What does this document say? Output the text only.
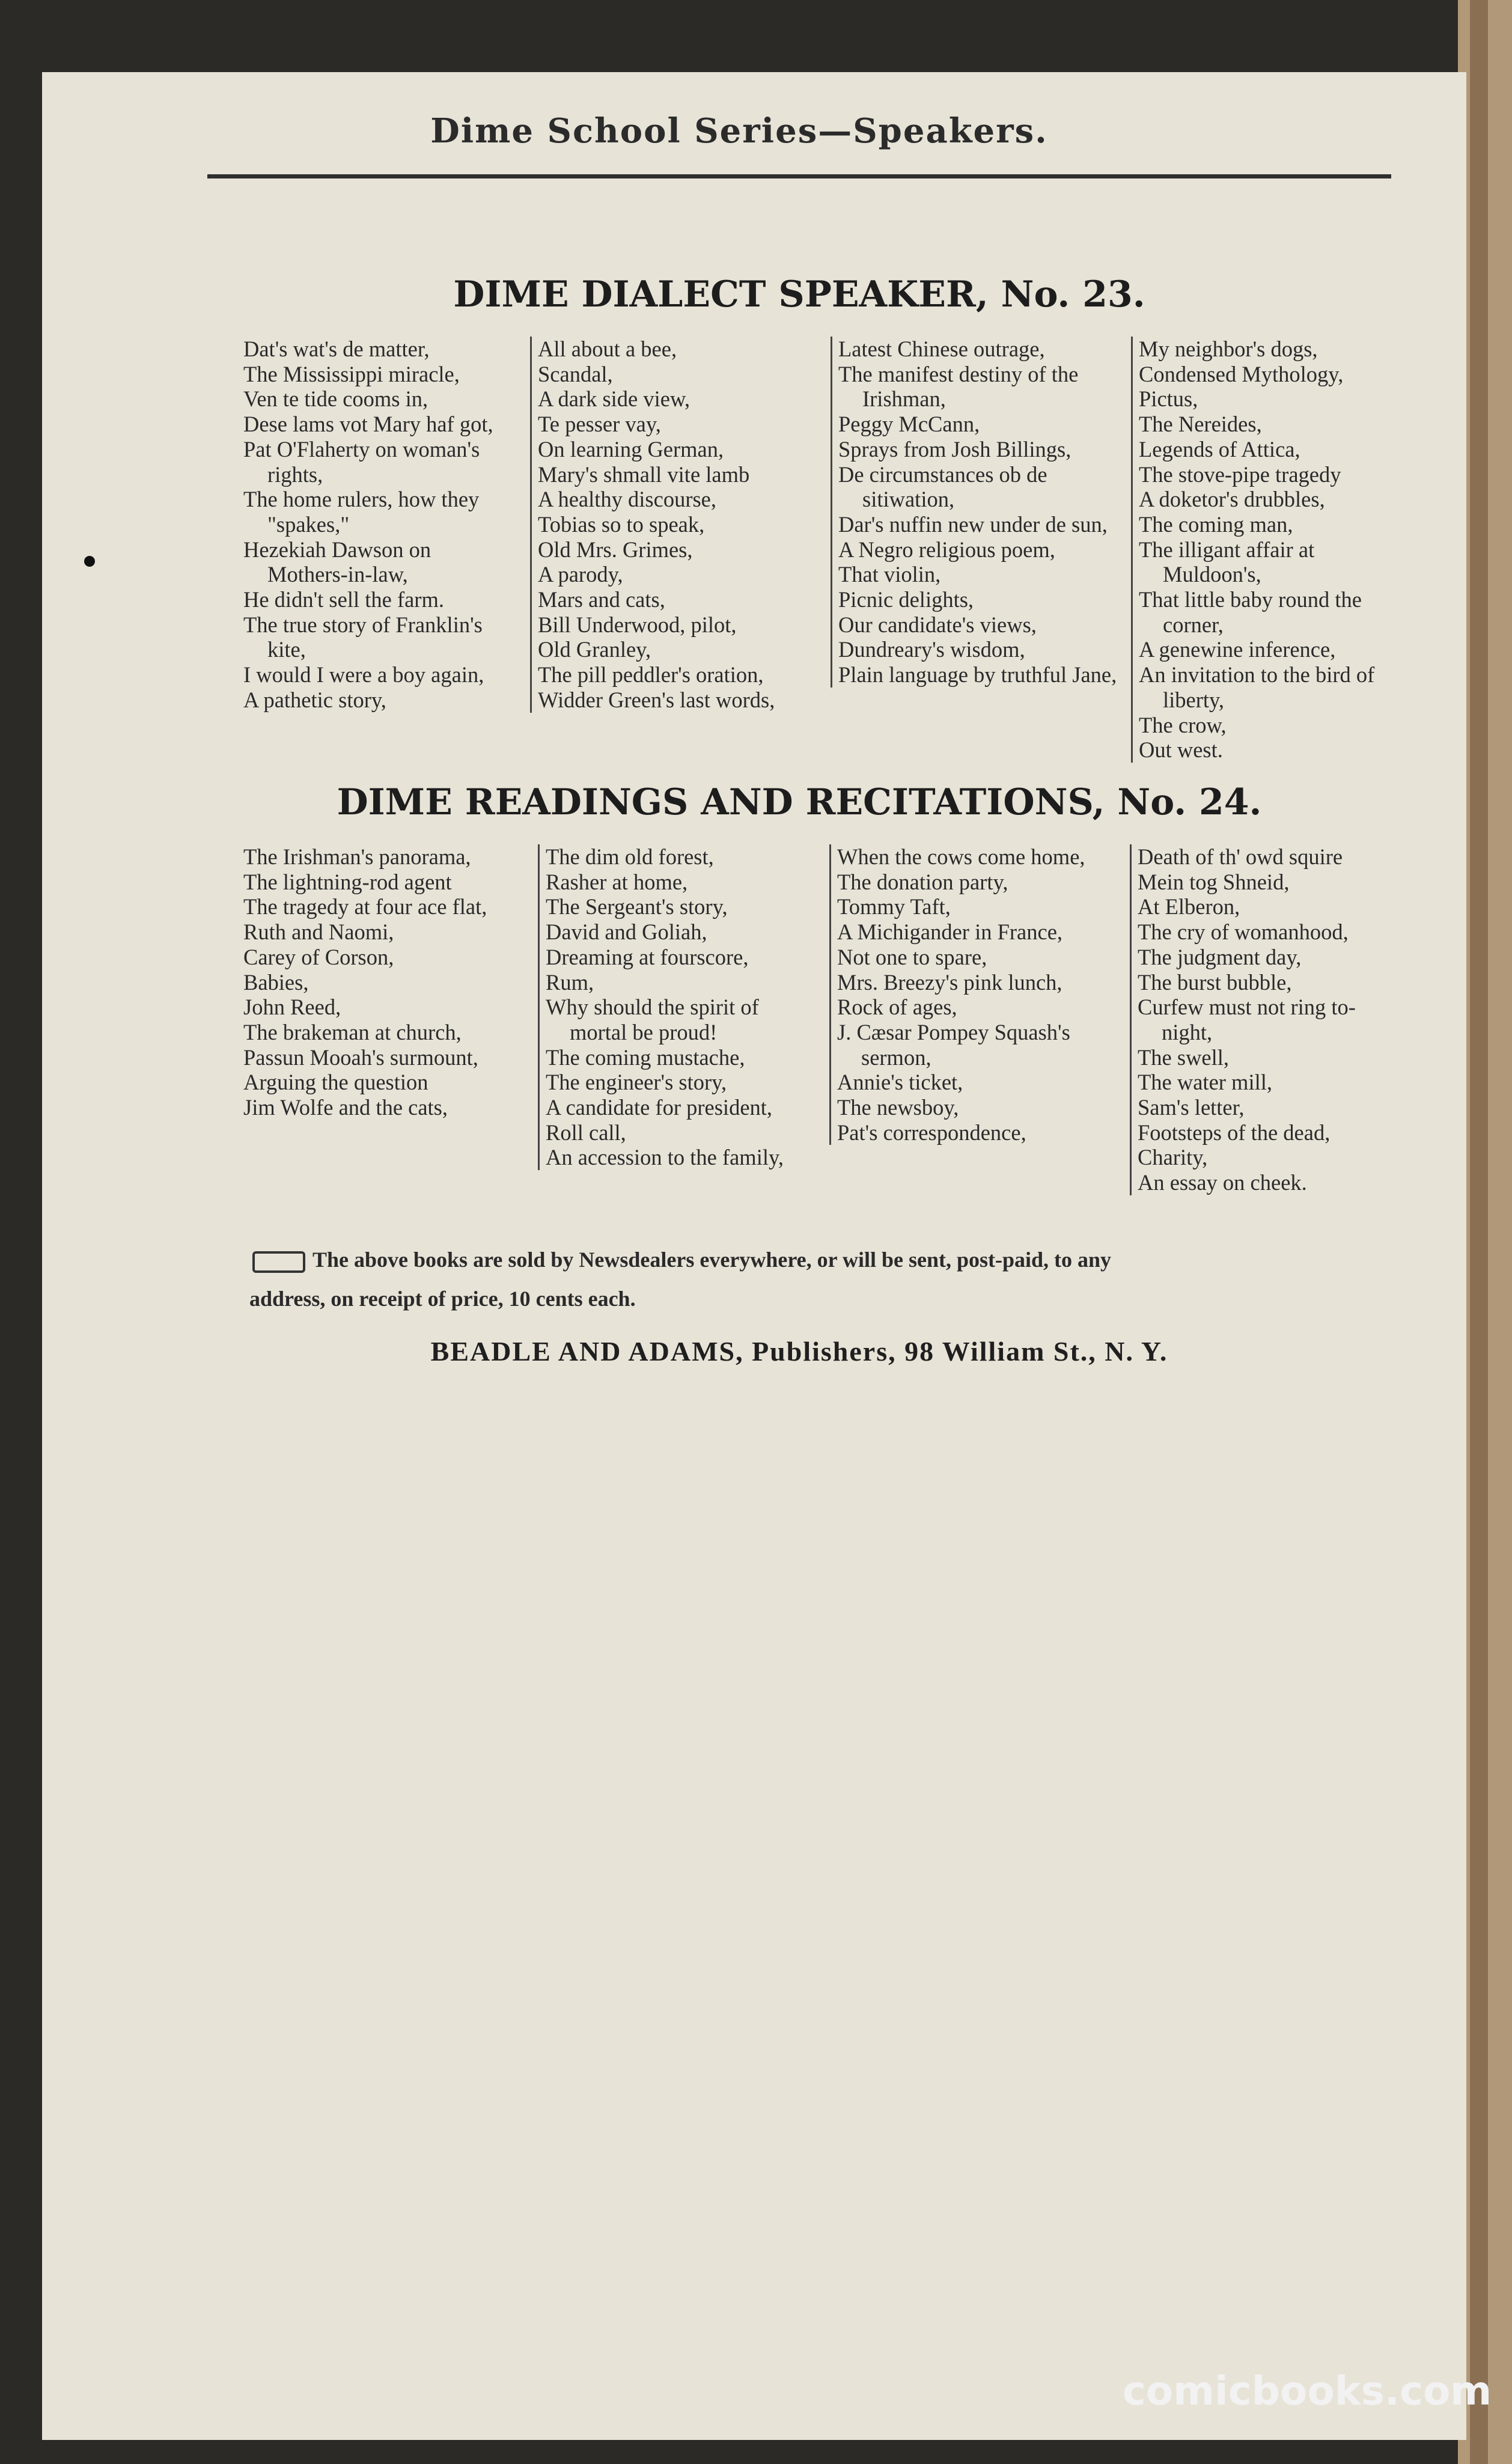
Dime School Series—Speakers.
DIME DIALECT SPEAKER, No. 23.
Dat's wat's de matter,
The Mississippi miracle,
Ven te tide cooms in,
Dese lams vot Mary haf got,
Pat O'Flaherty on woman's rights,
The home rulers, how they "spakes,"
Hezekiah Dawson on Mothers-in-law,
He didn't sell the farm.
The true story of Franklin's kite,
I would I were a boy again,
A pathetic story,
All about a bee,
Scandal,
A dark side view,
Te pesser vay,
On learning German,
Mary's shmall vite lamb
A healthy discourse,
Tobias so to speak,
Old Mrs. Grimes,
A parody,
Mars and cats,
Bill Underwood, pilot,
Old Granley,
The pill peddler's oration,
Widder Green's last words,
Latest Chinese outrage,
The manifest destiny of the Irishman,
Peggy McCann,
Sprays from Josh Billings,
De circumstances ob de sitiwation,
Dar's nuffin new under de sun,
A Negro religious poem,
That violin,
Picnic delights,
Our candidate's views,
Dundreary's wisdom,
Plain language by truthful Jane,
My neighbor's dogs,
Condensed Mythology,
Pictus,
The Nereides,
Legends of Attica,
The stove-pipe tragedy
A doketor's drubbles,
The coming man,
The illigant affair at Muldoon's,
That little baby round the corner,
A genewine inference,
An invitation to the bird of liberty,
The crow,
Out west.
DIME READINGS AND RECITATIONS, No. 24.
The Irishman's panorama,
The lightning-rod agent
The tragedy at four ace flat,
Ruth and Naomi,
Carey of Corson,
Babies,
John Reed,
The brakeman at church,
Passun Mooah's surmount,
Arguing the question
Jim Wolfe and the cats,
The dim old forest,
Rasher at home,
The Sergeant's story,
David and Goliah,
Dreaming at fourscore,
Rum,
Why should the spirit of mortal be proud!
The coming mustache,
The engineer's story,
A candidate for president,
Roll call,
An accession to the family,
When the cows come home,
The donation party,
Tommy Taft,
A Michigander in France,
Not one to spare,
Mrs. Breezy's pink lunch,
Rock of ages,
J. Cæsar Pompey Squash's sermon,
Annie's ticket,
The newsboy,
Pat's correspondence,
Death of th' owd squire
Mein tog Shneid,
At Elberon,
The cry of womanhood,
The judgment day,
The burst bubble,
Curfew must not ring to-night,
The swell,
The water mill,
Sam's letter,
Footsteps of the dead,
Charity,
An essay on cheek.
The above books are sold by Newsdealers everywhere, or will be sent, post-paid, to any
address, on receipt of price, 10 cents each.
BEADLE AND ADAMS, Publishers, 98 William St., N. Y.
comicbooks.com
